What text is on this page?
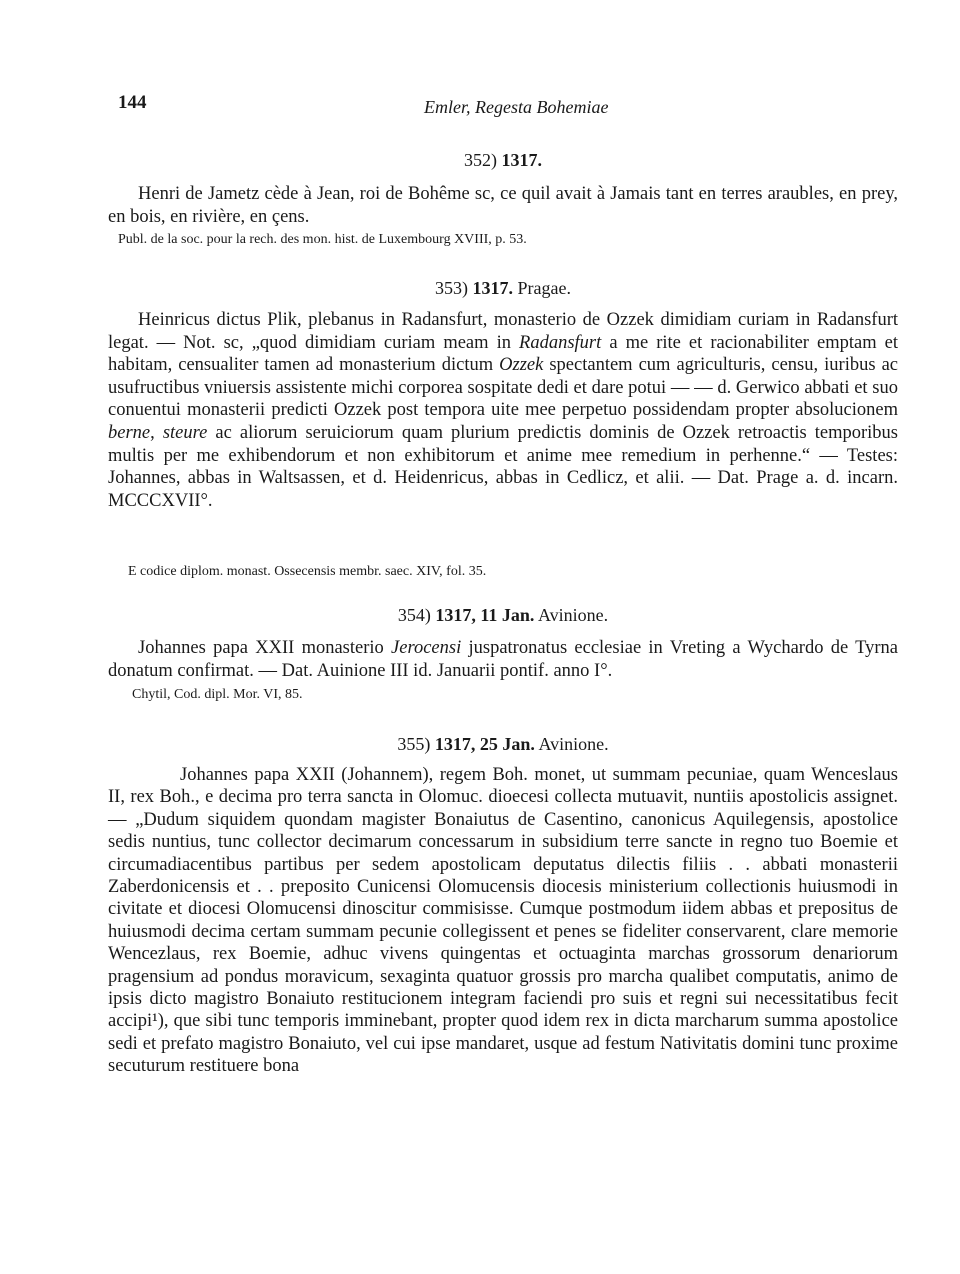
144	Emler, Regesta Bohemiae

352) 1317.

Henri de Jametz cède à Jean, roi de Bohême sc, ce quil avait à Jamais tant en terres araubles, en prey, en bois, en rivière, en çens.

Publ. de la soc. pour la rech. des mon. hist. de Luxembourg XVIII, p. 53.

353) 1317. Pragae.

Heinricus dictus Plik, plebanus in Radansfurt, monasterio de Ozzek dimidiam curiam in Radansfurt legat. — Not. sc, „quod dimidiam curiam meam in Radansfurt a me rite et racionabiliter emptam et habitam, censualiter tamen ad monasterium dictum Ozzek spectantem cum agriculturis, censu, iuribus ac usufructibus vniuersis assistente michi corporea sospitate dedi et dare potui — — d. Gerwico abbati et suo conuentui monasterii predicti Ozzek post tempora uite mee perpetuo possidendam propter absolucionem berne, steure ac aliorum seruiciorum quam plurium predictis dominis de Ozzek retroactis temporibus multis per me exhibendorum et non exhibitorum et anime mee remedium in perhenne.“ — Testes: Johannes, abbas in Waltsassen, et d. Heidenricus, abbas in Cedlicz, et alii. — Dat. Prage a. d. incarn. MCCCXVII°.

E codice diplom. monast. Ossecensis membr. saec. XIV, fol. 35.

354) 1317, 11 Jan. Avinione.

Johannes papa XXII monasterio Jerocensi juspatronatus ecclesiae in Vreting a Wychardo de Tyrna donatum confirmat. — Dat. Auinione III id. Januarii pontif. anno I°.

Chytil, Cod. dipl. Mor. VI, 85.

355) 1317, 25 Jan. Avinione.

Johannes papa XXII (Johannem), regem Boh. monet, ut summam pecuniae, quam Wenceslaus II, rex Boh., e decima pro terra sancta in Olomuc. dioecesi collecta mutuavit, nuntiis apostolicis assignet. — „Dudum siquidem quondam magister Bonaiutus de Casentino, canonicus Aquilegensis, apostolice sedis nuntius, tunc collector decimarum concessarum in subsidium terre sancte in regno tuo Boemie et circumadiacentibus partibus per sedem apostolicam deputatus dilectis filiis . . abbati monasterii Zaberdonicensis et . . preposito Cunicensi Olomucensis diocesis ministerium collectionis huiusmodi in civitate et diocesi Olomucensi dinoscitur commisisse. Cumque postmodum iidem abbas et prepositus de huiusmodi decima certam summam pecunie collegissent et penes se fideliter conservarent, clare memorie Wencezlaus, rex Boemie, adhuc vivens quingentas et octuaginta marchas grossorum denariorum pragensium ad pondus moravicum, sexaginta quatuor grossis pro marcha qualibet computatis, animo de ipsis dicto magistro Bonaiuto restitucionem integram faciendi pro suis et regni sui necessitatibus fecit accipi¹), que sibi tunc temporis imminebant, propter quod idem rex in dicta marcharum summa apostolice sedi et prefato magistro Bonaiuto, vel cui ipse mandaret, usque ad festum Nativitatis domini tunc proxime secuturum restituere bona
